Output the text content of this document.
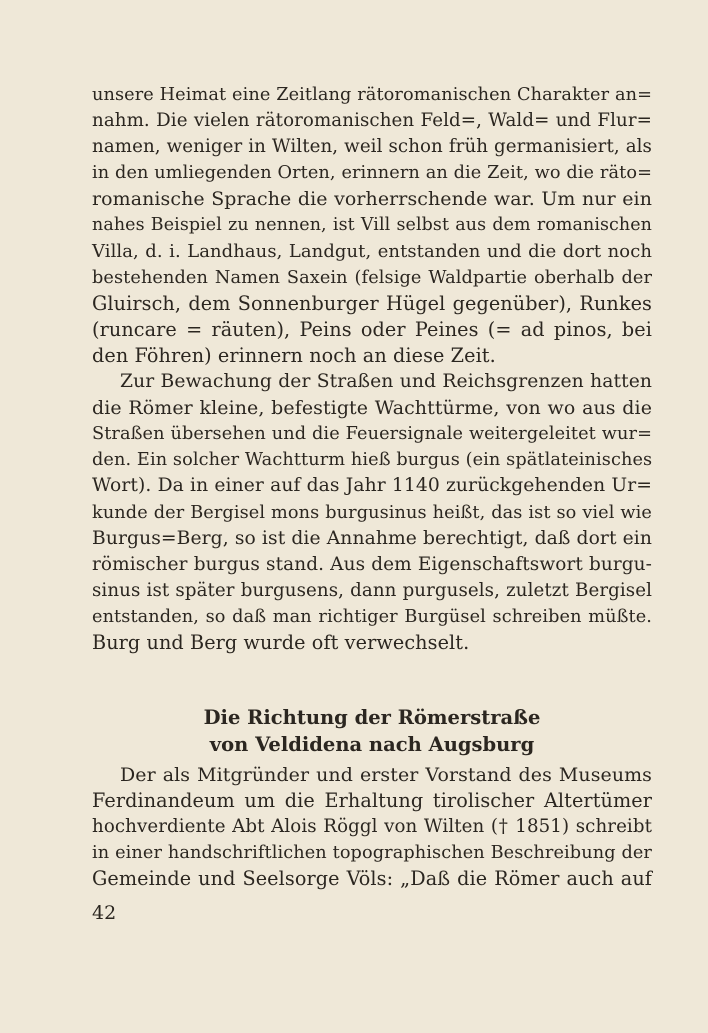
unsere Heimat eine Zeitlang rätoromanischen Charakter an=
nahm. Die vielen rätoromanischen Feld=, Wald= und Flur=
namen, weniger in Wilten, weil schon früh germanisiert, als
in den umliegenden Orten, erinnern an die Zeit, wo die räto=
romanische Sprache die vorherrschende war. Um nur ein
nahes Beispiel zu nennen, ist Vill selbst aus dem romanischen
Villa, d. i. Landhaus, Landgut, entstanden und die dort noch
bestehenden Namen Saxein (felsige Waldpartie oberhalb der
Gluirsch, dem Sonnenburger Hügel gegenüber), Runkes
(runcare = räuten), Peins oder Peines (= ad pinos, bei
den Föhren) erinnern noch an diese Zeit.
Zur Bewachung der Straßen und Reichsgrenzen hatten
die Römer kleine, befestigte Wachttürme, von wo aus die
Straßen übersehen und die Feuersignale weitergeleitet wur=
den. Ein solcher Wachtturm hieß burgus (ein spätlateinisches
Wort). Da in einer auf das Jahr 1140 zurückgehenden Ur=
kunde der Bergisel mons burgusinus heißt, das ist so viel wie
Burgus=Berg, so ist die Annahme berechtigt, daß dort ein
römischer burgus stand. Aus dem Eigenschaftswort burgu-
sinus ist später burgusens, dann purgusels, zuletzt Bergisel
entstanden, so daß man richtiger Burgüsel schreiben müßte.
Burg und Berg wurde oft verwechselt.
Die Richtung der Römerstraße
von Veldidena nach Augsburg
Der als Mitgründer und erster Vorstand des Museums
Ferdinandeum um die Erhaltung tirolischer Altertümer
hochverdiente Abt Alois Röggl von Wilten († 1851) schreibt
in einer handschriftlichen topographischen Beschreibung der
Gemeinde und Seelsorge Völs: „Daß die Römer auch auf
42
